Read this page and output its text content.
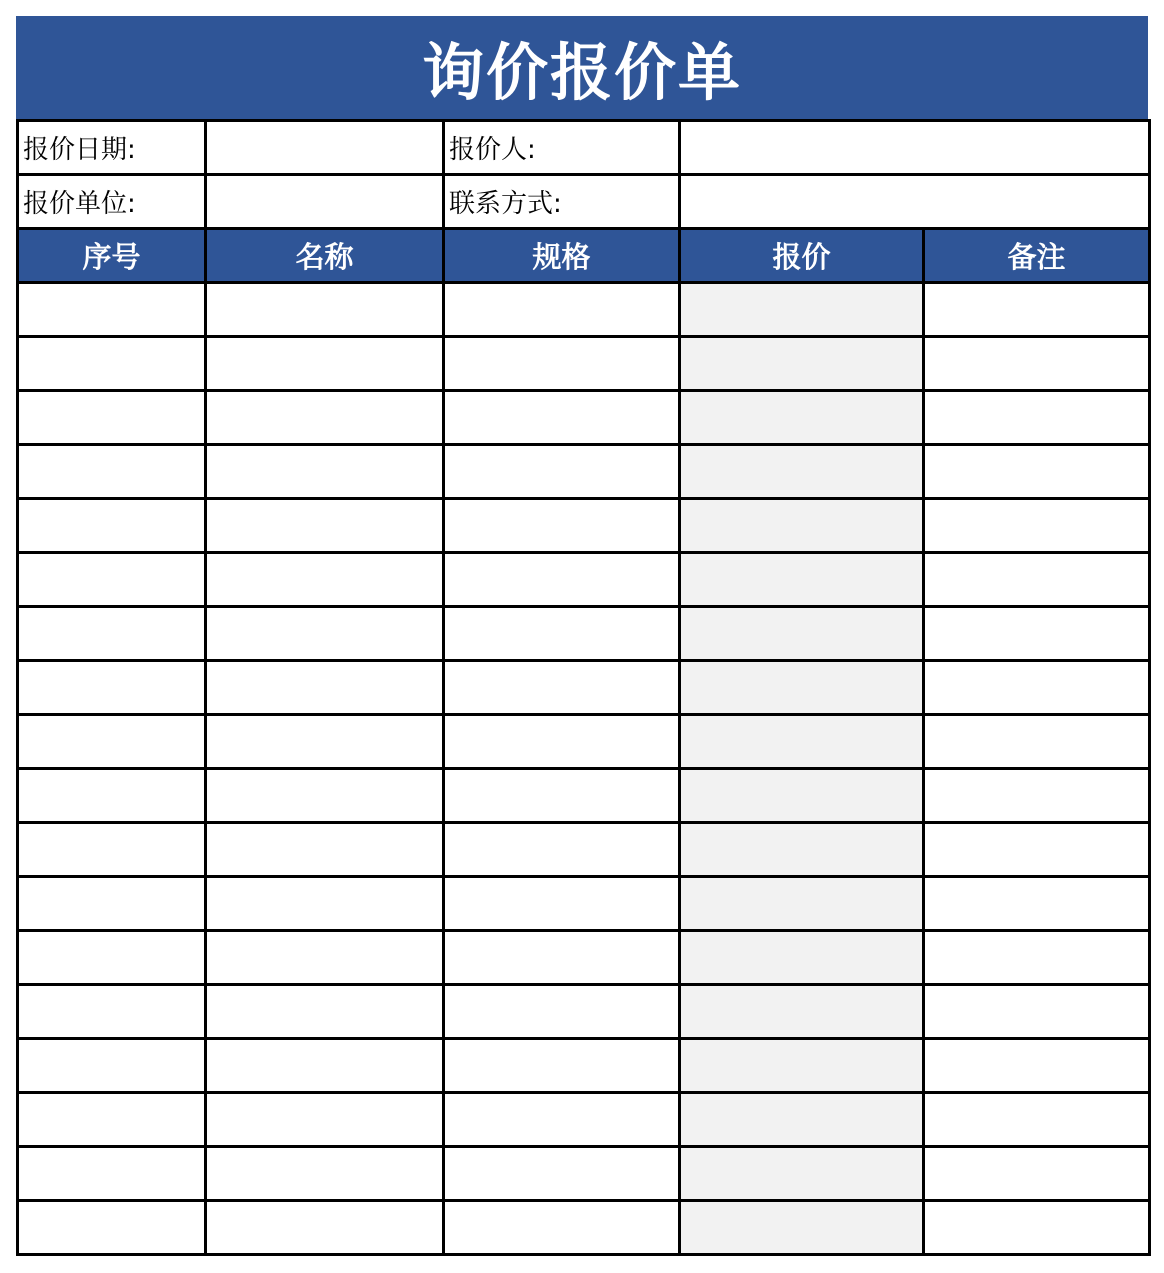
询价报价单
报价日期:		报价人:		
报价单位:		联系方式:		
序号	名称	规格	报价	备注
